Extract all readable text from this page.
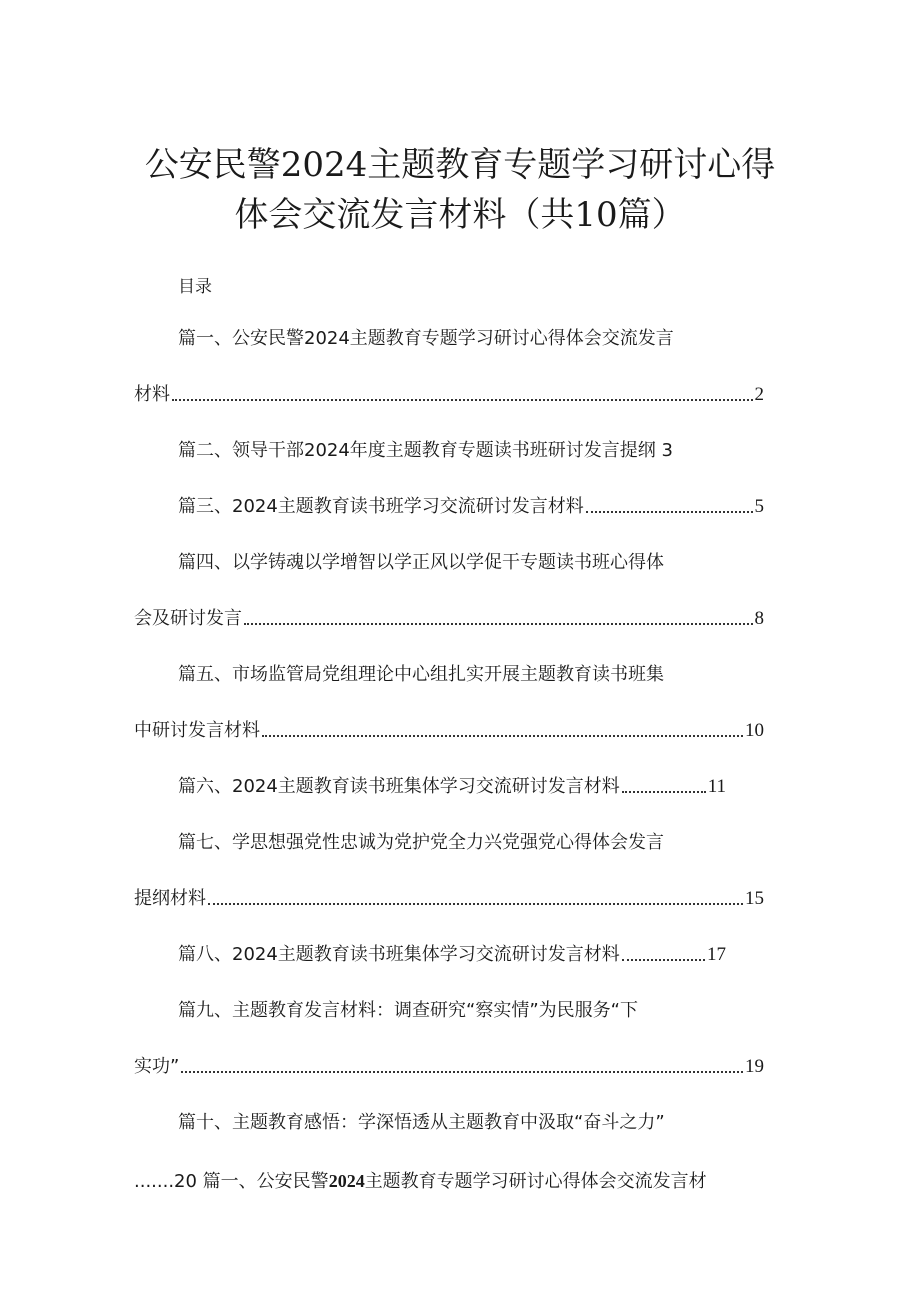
公安民警2024主题教育专题学习研讨心得
体会交流发言材料（共10篇）

目录

篇一、公安民警2024主题教育专题学习研讨心得体会交流发言
材料	2
篇二、领导干部2024年度主题教育专题读书班研讨发言提纲 3
篇三、2024主题教育读书班学习交流研讨发言材料	5
篇四、以学铸魂以学增智以学正风以学促干专题读书班心得体
会及研讨发言	8
篇五、市场监管局党组理论中心组扎实开展主题教育读书班集
中研讨发言材料	10
篇六、2024主题教育读书班集体学习交流研讨发言材料	11
篇七、学思想强党性忠诚为党护党全力兴党强党心得体会发言
提纲材料	15
篇八、2024主题教育读书班集体学习交流研讨发言材料	17
篇九、主题教育发言材料：调查研究“察实情”为民服务“下
实功”	19
篇十、主题教育感悟：学深悟透从主题教育中汲取“奋斗之力”
.......20 篇一、公安民警2024主题教育专题学习研讨心得体会交流发言材
